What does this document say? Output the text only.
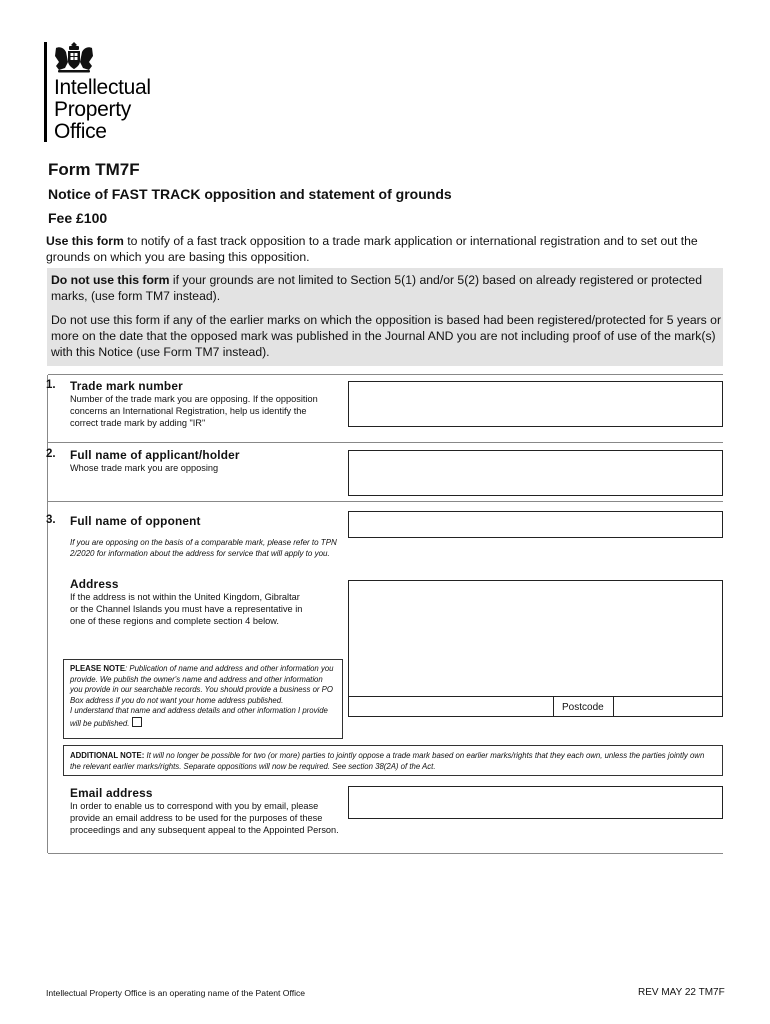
Intellectual
Property
Office
Form TM7F
Notice of FAST TRACK opposition and statement of grounds
Fee £100
Use this form to notify of a fast track opposition to a trade mark application or international registration and to set out the grounds on which you are basing this opposition.
Do not use this form if your grounds are not limited to Section 5(1) and/or 5(2) based on already registered or protected marks, (use form TM7 instead).
Do not use this form if any of the earlier marks on which the opposition is based had been registered/protected for 5 years or more on the date that the opposed mark was published in the Journal AND you are not including proof of use of the mark(s) with this Notice (use Form TM7 instead).
1. Trade mark number
Number of the trade mark you are opposing. If the opposition concerns an International Registration, help us identify the correct trade mark by adding "IR"
2. Full name of applicant/holder
Whose trade mark you are opposing
3. Full name of opponent
If you are opposing on the basis of a comparable mark, please refer to TPN 2/2020 for information about the address for service that will apply to you.
Address
If the address is not within the United Kingdom, Gibraltar or the Channel Islands you must have a representative in one of these regions and complete section 4 below.
Postcode
PLEASE NOTE: Publication of name and address and other information you provide. We publish the owner's name and address and other information you provide in our searchable records. You should provide a business or PO Box address if you do not want your home address published.
I understand that name and address details and other information I provide will be published.
ADDITIONAL NOTE: It will no longer be possible for two (or more) parties to jointly oppose a trade mark based on earlier marks/rights that they each own, unless the parties jointly own the relevant earlier marks/rights. Separate oppositions will now be required. See section 38(2A) of the Act.
Email address
In order to enable us to correspond with you by email, please provide an email address to be used for the purposes of these proceedings and any subsequent appeal to the Appointed Person.
Intellectual Property Office is an operating name of the Patent Office	REV MAY 22 TM7F
